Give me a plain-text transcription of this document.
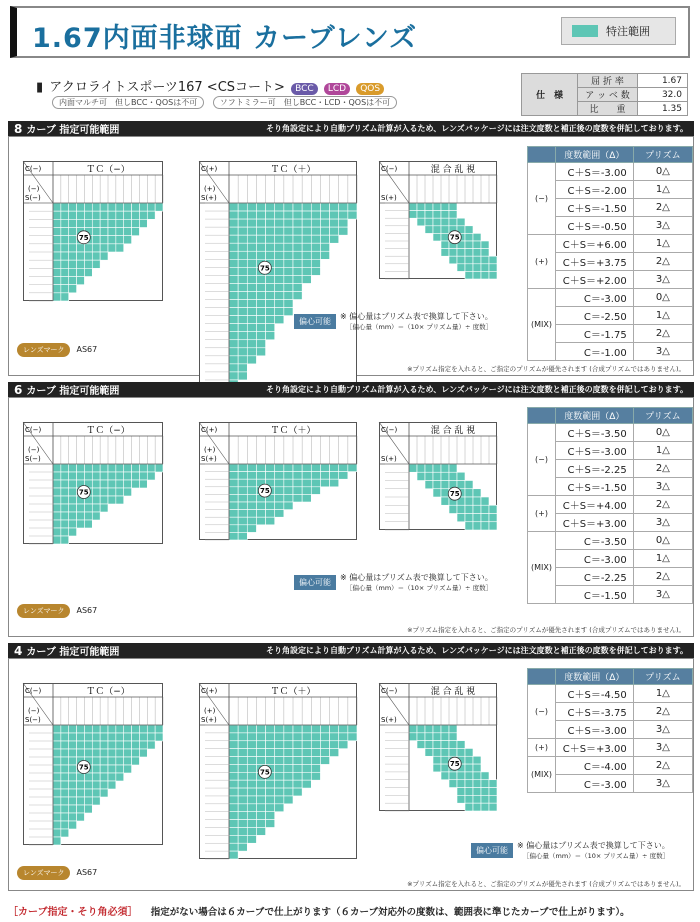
1.67内面非球面 カーブレンズ	特注範囲
▮ アクロライトスポーツ167 <CSコート> BCC LCD QOS
内面マルチ可　但しBCC・QOSは不可	ソフトミラー可　但しBCC・LCD・QOSは不可
仕　様	屈 折 率	1.67
	ア ッ ベ 数	32.0
	比　　重	1.35
8 カーブ 指定可能範囲	そり角設定により自動プリズム計算が入るため、レンズパッケージには注文度数と補正後の度数を併記しております。
ＴＣ（−）
C(−)
S(−)
(−)
75
ＴＣ（＋）
C(+)
S(+)
(+)
75
混 合 乱 視
C(−)
S(+)
75
	度数範囲（Δ）	プリズム
(−)	C＋S＝-3.00	0△
	C＋S＝-2.00	1△
	C＋S＝-1.50	2△
	C＋S＝-0.50	3△
(+)	C＋S＝+6.00	1△
	C＋S＝+3.75	2△
	C＋S＝+2.00	3△
(MIX)	C＝-3.00	0△
	C＝-2.50	1△
	C＝-1.75	2△
	C＝-1.00	3△
偏心可能
※ 偏心量はプリズム表で換算して下さい。
［偏心量（mm）＝（10× プリズム量）÷ 度数］
レンズマーク AS67
※プリズム指定を入れると、ご指定のプリズムが優先されます (合成プリズムではありません)。
6 カーブ 指定可能範囲	そり角設定により自動プリズム計算が入るため、レンズパッケージには注文度数と補正後の度数を併記しております。
ＴＣ（−）
C(−)
S(−)
(−)
75
ＴＣ（＋）
C(+)
S(+)
(+)
75
混 合 乱 視
C(−)
S(+)
75
	度数範囲（Δ）	プリズム
(−)	C＋S＝-3.50	0△
	C＋S＝-3.00	1△
	C＋S＝-2.25	2△
	C＋S＝-1.50	3△
(+)	C＋S＝+4.00	2△
	C＋S＝+3.00	3△
(MIX)	C＝-3.50	0△
	C＝-3.00	1△
	C＝-2.25	2△
	C＝-1.50	3△
偏心可能
※ 偏心量はプリズム表で換算して下さい。
［偏心量（mm）＝（10× プリズム量）÷ 度数］
レンズマーク AS67
※プリズム指定を入れると、ご指定のプリズムが優先されます (合成プリズムではありません)。
4 カーブ 指定可能範囲	そり角設定により自動プリズム計算が入るため、レンズパッケージには注文度数と補正後の度数を併記しております。
ＴＣ（−）
C(−)
S(−)
(−)
75
ＴＣ（＋）
C(+)
S(+)
(+)
75
混 合 乱 視
C(−)
S(+)
75
	度数範囲（Δ）	プリズム
(−)	C＋S＝-4.50	1△
	C＋S＝-3.75	2△
	C＋S＝-3.00	3△
(+)	C＋S＝+3.00	3△
(MIX)	C＝-4.00	2△
	C＝-3.00	3△
偏心可能
※ 偏心量はプリズム表で換算して下さい。
［偏心量（mm）＝（10× プリズム量）÷ 度数］
レンズマーク AS67
※プリズム指定を入れると、ご指定のプリズムが優先されます (合成プリズムではありません)。
［カーブ指定・そり角必須］ 指定がない場合は６カーブで仕上がります（６カーブ対応外の度数は、範囲表に準じたカーブで仕上がります）。
